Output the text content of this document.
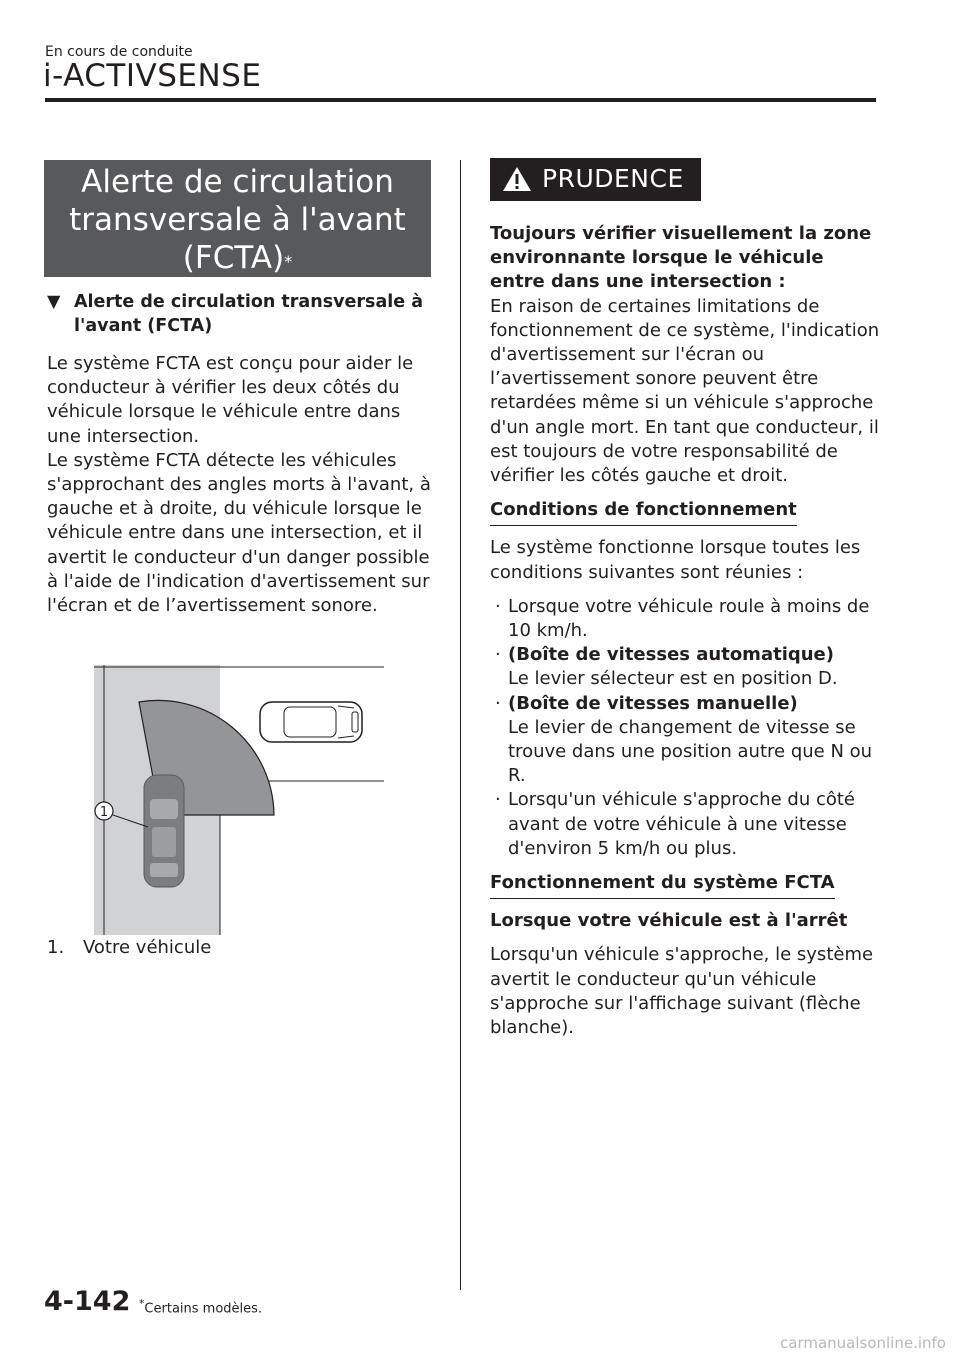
En cours de conduite
i-ACTIVSENSE
Alerte de circulation
transversale à l'avant
(FCTA)*
▼ Alerte de circulation transversale à l'avant (FCTA)

Le système FCTA est conçu pour aider le conducteur à vérifier les deux côtés du véhicule lorsque le véhicule entre dans une intersection.

Le système FCTA détecte les véhicules s'approchant des angles morts à l'avant, à gauche et à droite, du véhicule lorsque le véhicule entre dans une intersection, et il avertit le conducteur d'un danger possible à l'aide de l'indication d'avertissement sur l'écran et de l’avertissement sonore.

1
1. Votre véhicule
PRUDENCE

Toujours vérifier visuellement la zone environnante lorsque le véhicule entre dans une intersection :

En raison de certaines limitations de fonctionnement de ce système, l'indication d'avertissement sur l'écran ou l’avertissement sonore peuvent être retardées même si un véhicule s'approche d'un angle mort. En tant que conducteur, il est toujours de votre responsabilité de vérifier les côtés gauche et droit.

Conditions de fonctionnement

Le système fonctionne lorsque toutes les conditions suivantes sont réunies :

· Lorsque votre véhicule roule à moins de 10 km/h.
· (Boîte de vitesses automatique)
Le levier sélecteur est en position D.
· (Boîte de vitesses manuelle)
Le levier de changement de vitesse se trouve dans une position autre que N ou R.
· Lorsqu'un véhicule s'approche du côté avant de votre véhicule à une vitesse d'environ 5 km/h ou plus.

Fonctionnement du système FCTA

Lorsque votre véhicule est à l'arrêt

Lorsqu'un véhicule s'approche, le système avertit le conducteur qu'un véhicule s'approche sur l'affichage suivant (flèche blanche).

4-142 *Certains modèles.
carmanualsonline.info
